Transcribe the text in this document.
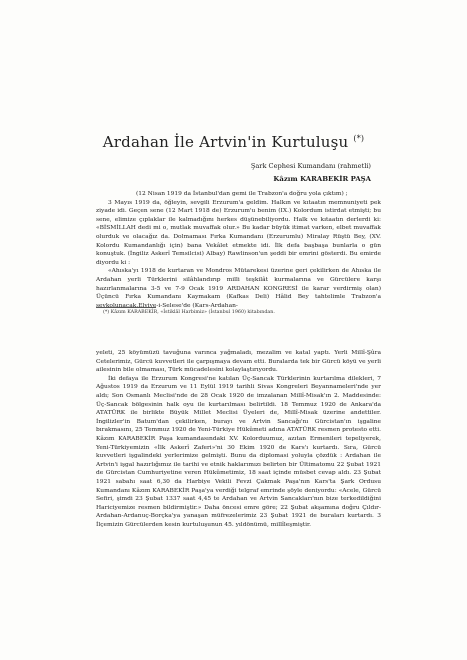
Ardahan İle Artvin'in Kurtuluşu (*)
Şark Cephesi Kumandanı (rahmetli)
Kâzım KARABEKİR PAŞA

(12 Nisan 1919 da İstanbul'dan gemi ile Trabzon'a doğru yola çıktım) ;

3 Mayıs 1919 da, öğleyin, sevgili Erzurum'a geldim. Halkın ve kıtaatın memnuniyeti pek ziyade idi. Geçen sene (12 Mart 1918 de) Erzurum'u benim (IX.) Kolordum istirdat etmişti; bu sene, elimize çıplaklar ile kalmadığını herkes düşünebiliyordu. Halk ve kıtaatın derlerdi ki: «BİSMİLLAH dedi mi o, mutlak muvaffak olur.» Bu kadar büyük itimat varken, elbet muvaffak olurduk ve olacağız da. Dolmaması Fırka Kumandanı (Erzurumlu) Miralay Rüştü Bey, (XV. Kolordu Kumandanlığı için) bana Vekâlet etmekte idi. İlk defa başbaşa bunlarla o gün konuştuk. (İngiliz Askerî Temsilcisi) Albay) Rawlinson'un şeddi bir emrini gösterdi. Bu emirde diyordu ki :

«Ahıska'yı 1918 de kurtaran ve Mondros Mütarekesi üzerine geri çekilirken de Ahıska ile Ardahan yerli Türklerini silâhlandırıp milli teşkilât kurmalarına ve Gürcülere karşı hazırlanmalarına 3-5 ve 7-9 Ocak 1919 ARDAHAN KONGRESİ ile karar verdirmiş olan) Üçüncü Fırka Kumandanı Kaymakam (Kafkas Deli) Hâlid Bey tahtelimle Trabzon'a sevkolunacak.Elviye-i-Selese'de (Kars-Ardahan-

(*) Kâzım KARABEKİR, «İstiklâl Harbimiz» (İstanbul 1960) kitabından.

yeleti, 25 köyümüzü tavuğuna varınca yağmaladı, mezalim ve katal yaptı. Yerli Millî-Şûra Cetelerimiz, Gürcü kuvvetleri ile çarpışmaya devam etti. Buralarda tek bir Gürcü köyü ve yerli ailesinin bile olmaması, Türk mücadelesini kolaylaştırıyordu.

İki defaya ile Erzurum Kongresi'ne katılan Üç-Sancak Türklerinin kurtarılma dilekleri, 7 Ağustos 1919 da Erzurum ve 11 Eylül 1919 tarihli Sivas Kongreleri Beyannameleri'nde yer aldı; Son Osmanlı Meclisi'nde de 28 Ocak 1920 de imzalanan Millî-Misak'ın 2. Maddesinde: Üç-Sancak bölgesinin halk oyu ile kurtarılması belirtildi. 18 Temmuz 1920 de Ankara'da ATATÜRK ile birlikte Büyük Millet Meclisi Üyeleri de, Millî-Misak üzerine andettiler. İngilizler'in Batum'dan çekilirken, burayı ve Artvin Sancağı'nı Gürcistan'ın işgaline bırakmasını, 25 Temmuz 1920 de Yeni-Türkiye Hükûmeti adına ATATÜRK resmen protesto etti. Kâzım KARABEKİR Paşa kumandasındaki XV. Kolorduumuz, azıtan Ermenileri tepeliyerek, Yeni-Türkiyemizin «İlk Askerî Zaferi»'ni 30 Ekim 1920 de Kars'ı kurtardı. Sıra, Gürcü kuvvetleri işgalindeki yerlerimize gelmişti. Bunu da diplomasi yoluyla çözdük : Ardahan ile Artvin'i işgal hazırlığımız ile tarihi ve etnik haklarımızı belirten bir Ültimatomu 22 Şubat 1921 de Gürcistan Cumhuriyetine veren Hükûmetimiz, 18 saat içinde müsbet cevap aldı. 23 Şubat 1921 sabahı saat 6,30 da Harbiye Vekili Fevzi Çakmak Paşa'nın Kars'ta Şark Ordusu Kumandanı Kâzım KARABEKİR Paşa'ya verdiği telgraf emrinde şöyle deniyordu: «Acele, Gürcü Sefiri, şimdi 23 Şubat 1337 saat 4,45 te Ardahan ve Artvin Sancakları'nın bize terkedildiğini Hariciyemize resmen bildirmiştir.» Daha öncesi emre göre; 22 Şubat akşamına doğru Çıldır-Ardahan-Ardanuç-Borçka'ya yanaşan müfrezelerimiz 23 Şubat 1921 de buraları kurtardı. 3 İlçemizin Gürcülerden kesin kurtuluşunun 45. yıldönümü, millîleşmiştir.
